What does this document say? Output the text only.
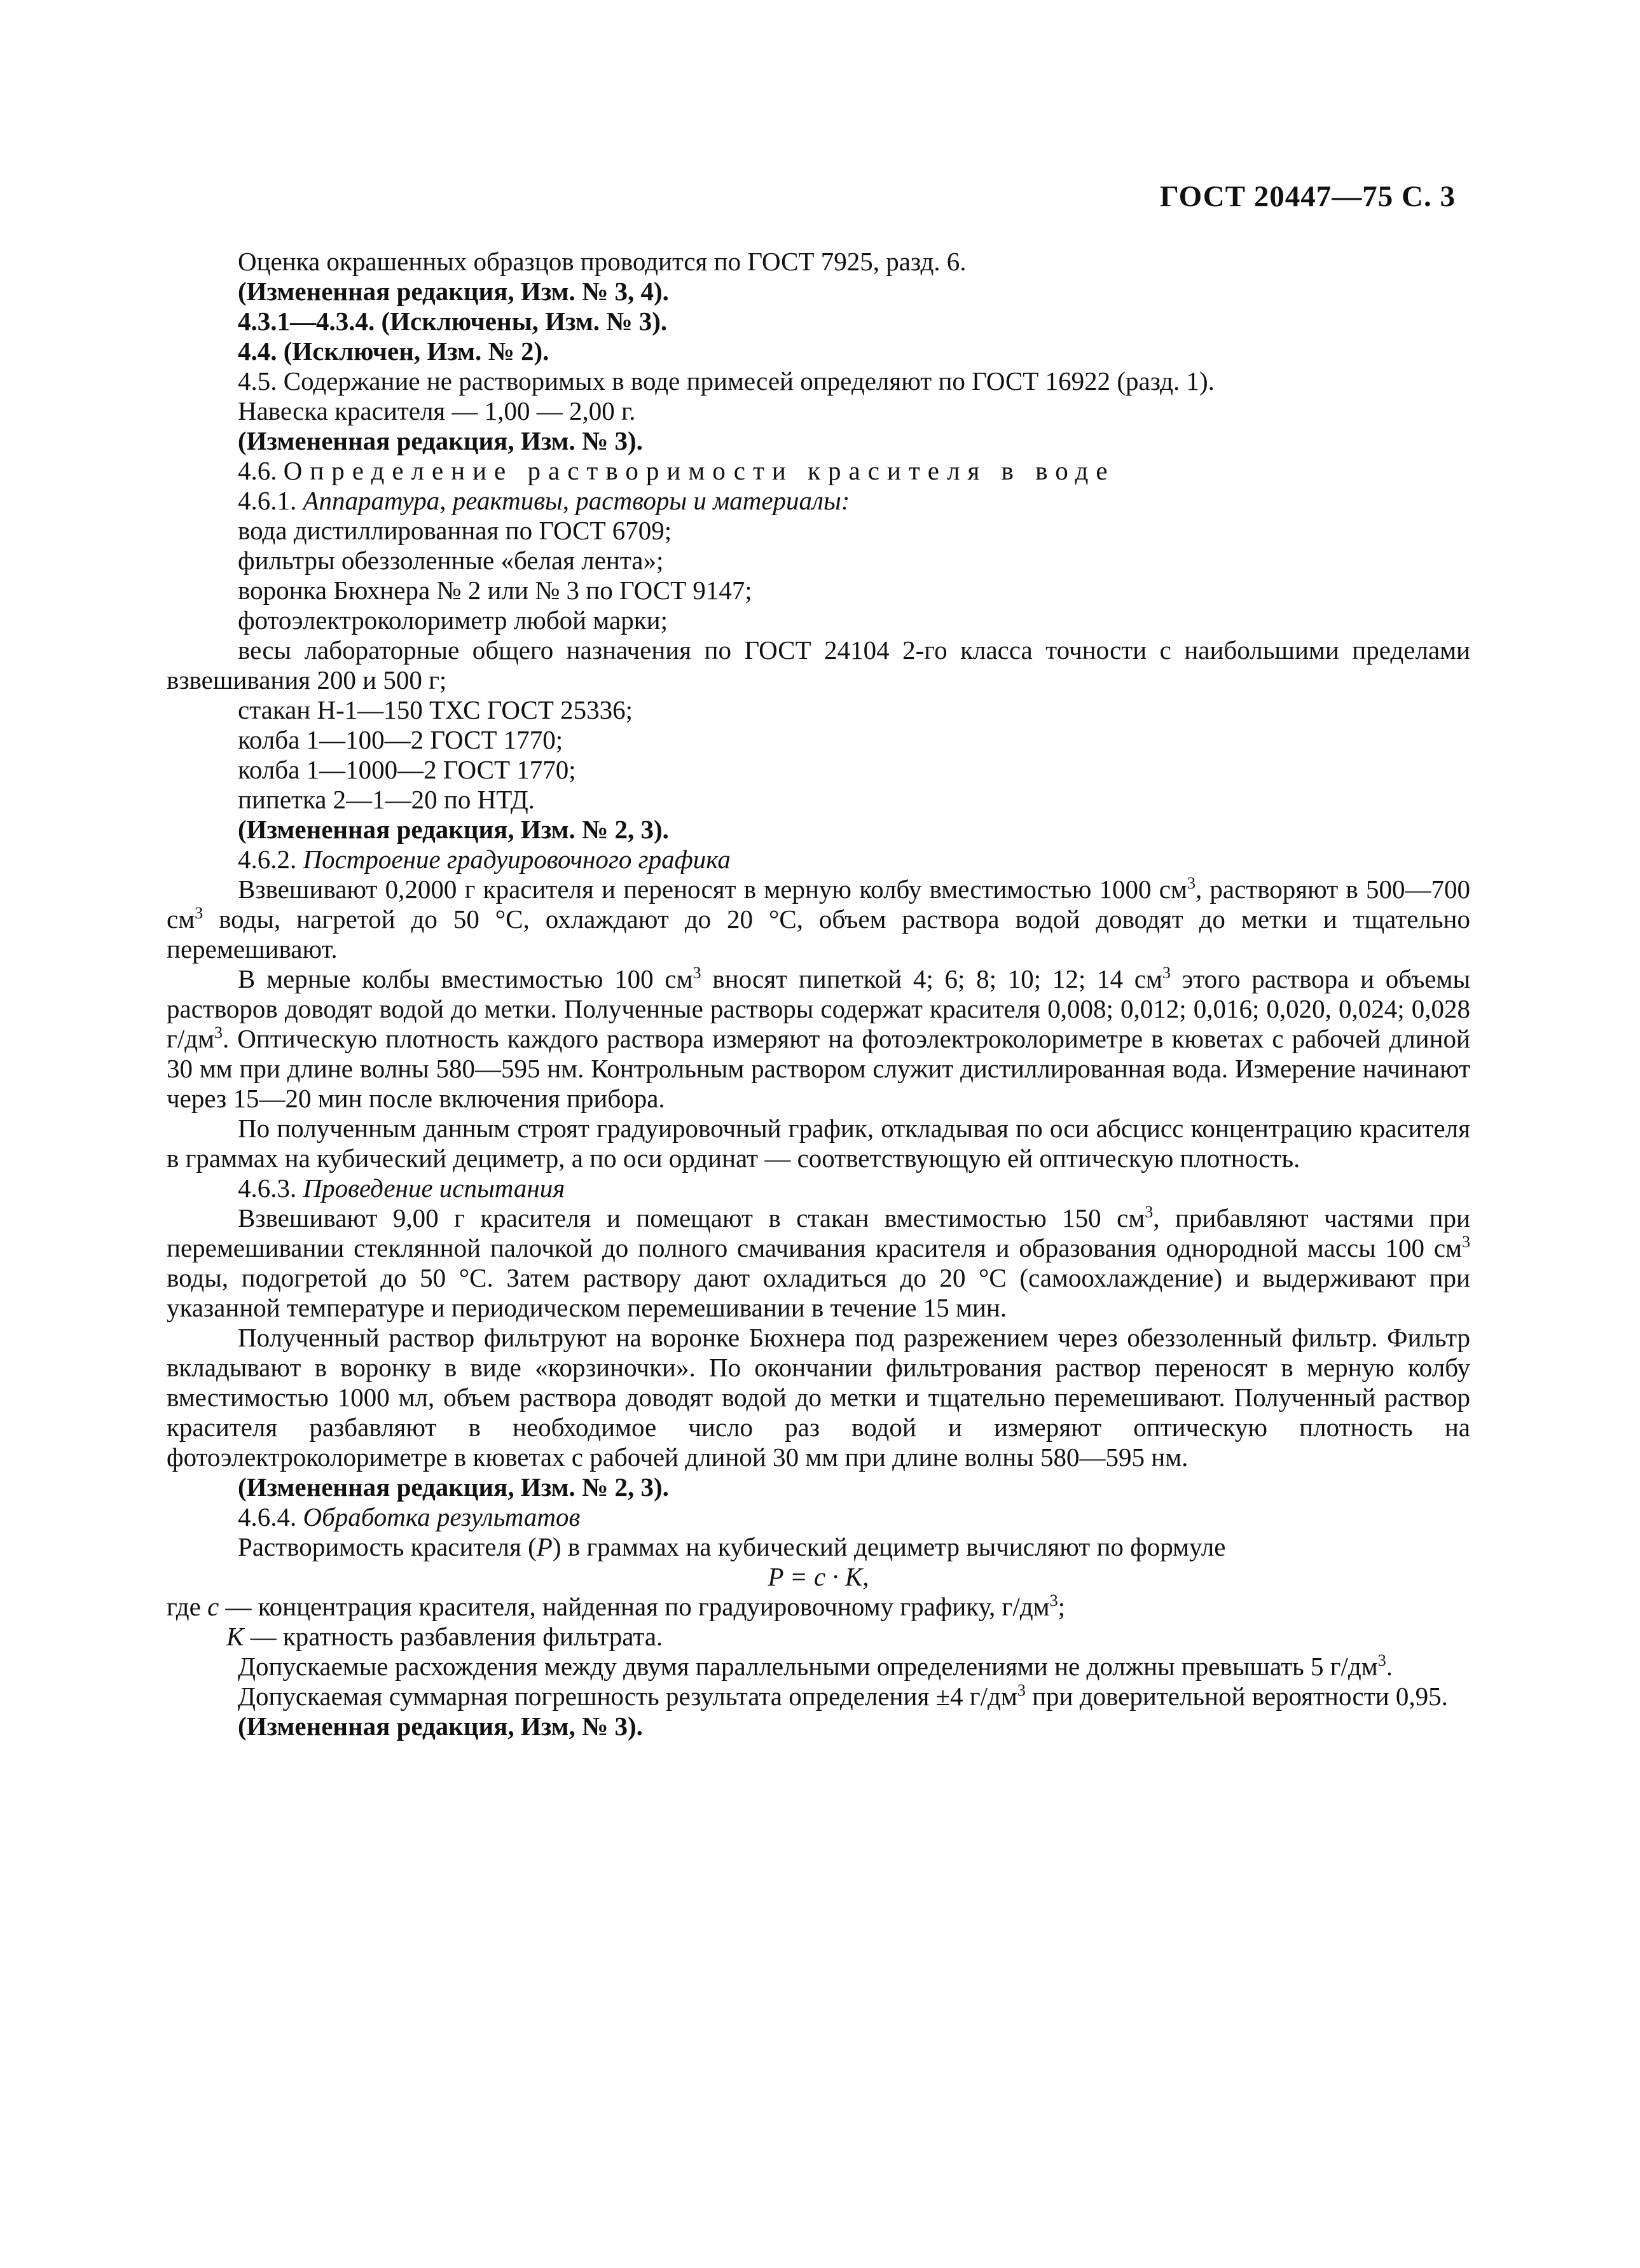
ГОСТ 20447—75 С. 3

Оценка окрашенных образцов проводится по ГОСТ 7925, разд. 6.

(Измененная редакция, Изм. № 3, 4).

4.3.1—4.3.4. (Исключены, Изм. № 3).

4.4. (Исключен, Изм. № 2).

4.5. Содержание не растворимых в воде примесей определяют по ГОСТ 16922 (разд. 1).

Навеска красителя — 1,00 — 2,00 г.

(Измененная редакция, Изм. № 3).

4.6. Определение растворимости красителя в воде

4.6.1. Аппаратура, реактивы, растворы и материалы:

вода дистиллированная по ГОСТ 6709;

фильтры обеззоленные «белая лента»;

воронка Бюхнера № 2 или № 3 по ГОСТ 9147;

фотоэлектроколориметр любой марки;

весы лабораторные общего назначения по ГОСТ 24104 2-го класса точности с наибольшими пределами взвешивания 200 и 500 г;

стакан Н-1—150 ТХС ГОСТ 25336;

колба 1—100—2 ГОСТ 1770;

колба 1—1000—2 ГОСТ 1770;

пипетка 2—1—20 по НТД.

(Измененная редакция, Изм. № 2, 3).

4.6.2. Построение градуировочного графика

Взвешивают 0,2000 г красителя и переносят в мерную колбу вместимостью 1000 $см^3$, растворяют в 500—700 $см^3$ воды, нагретой до 50 °С, охлаждают до 20 °С, объем раствора водой доводят до метки и тщательно перемешивают.

В мерные колбы вместимостью 100 $см^3$ вносят пипеткой 4; 6; 8; 10; 12; 14 $см^3$ этого раствора и объемы растворов доводят водой до метки. Полученные растворы содержат красителя 0,008; 0,012; 0,016; 0,020, 0,024; 0,028 $г/дм^3$. Оптическую плотность каждого раствора измеряют на фотоэлектроколориметре в кюветах с рабочей длиной 30 мм при длине волны 580—595 нм. Контрольным раствором служит дистиллированная вода. Измерение начинают через 15—20 мин после включения прибора.

По полученным данным строят градуировочный график, откладывая по оси абсцисс концентрацию красителя в граммах на кубический дециметр, а по оси ординат — соответствующую ей оптическую плотность.

4.6.3. Проведение испытания

Взвешивают 9,00 г красителя и помещают в стакан вместимостью 150 $см^3$, прибавляют частями при перемешивании стеклянной палочкой до полного смачивания красителя и образования однородной массы 100 $см^3$ воды, подогретой до 50 °С. Затем раствору дают охладиться до 20 °С (самоохлаждение) и выдерживают при указанной температуре и периодическом перемешивании в течение 15 мин.

Полученный раствор фильтруют на воронке Бюхнера под разрежением через обеззоленный фильтр. Фильтр вкладывают в воронку в виде «корзиночки». По окончании фильтрования раствор переносят в мерную колбу вместимостью 1000 мл, объем раствора доводят водой до метки и тщательно перемешивают. Полученный раствор красителя разбавляют в необходимое число раз водой и измеряют оптическую плотность на фотоэлектроколориметре в кюветах с рабочей длиной 30 мм при длине волны 580—595 нм.

(Измененная редакция, Изм. № 2, 3).

4.6.4. Обработка результатов

Растворимость красителя (P) в граммах на кубический дециметр вычисляют по формуле

P = c · K,

где c — концентрация красителя, найденная по градуировочному графику, $г/дм^3$;

K — кратность разбавления фильтрата.

Допускаемые расхождения между двумя параллельными определениями не должны превышать 5 $г/дм^3$.

Допускаемая суммарная погрешность результата определения ±4 $г/дм^3$ при доверительной вероятности 0,95.

(Измененная редакция, Изм, № 3).
